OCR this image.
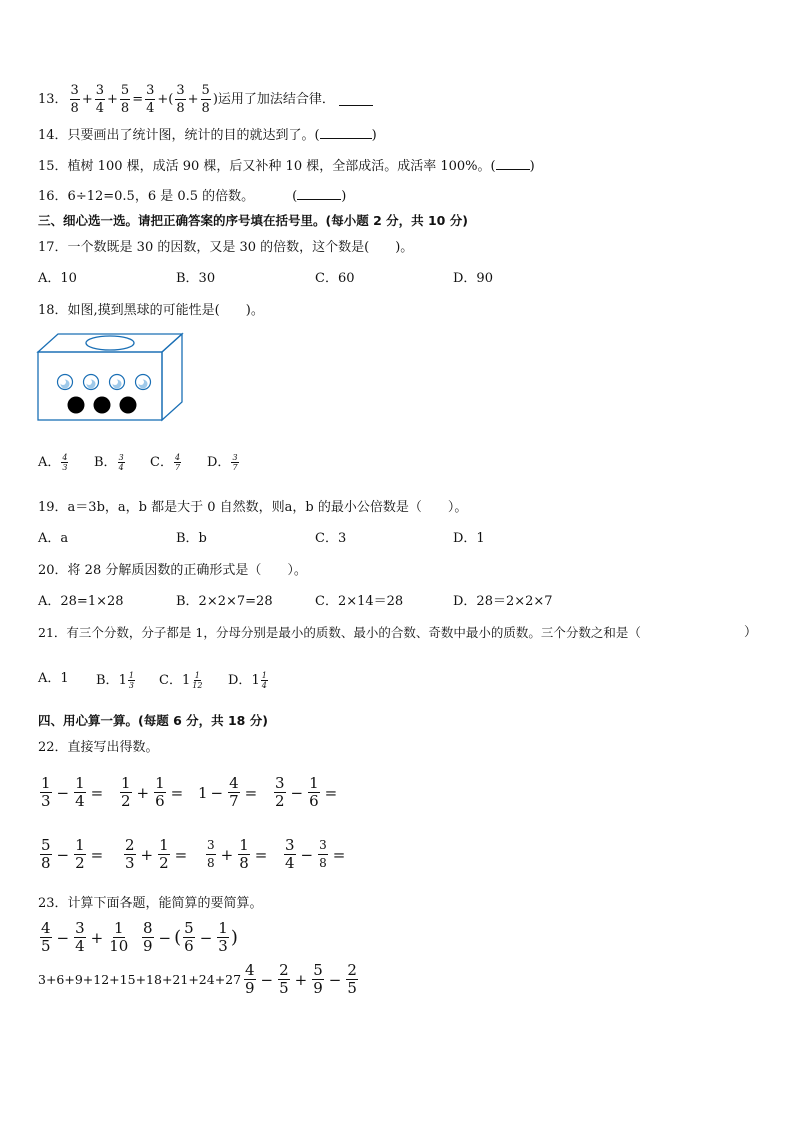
13． $\frac{3}{8} + \frac{3}{4} + \frac{5}{8} = \frac{3}{4}$ +( $\frac{3}{8} + \frac{5}{8}$ )运用了加法结合律．
14．只要画出了统计图，统计的目的就达到了。(	)
15．植树 100 棵，成活 90 棵，后又补种 10 棵，全部成活。成活率 100%。(	)
16．6÷12=0.5，6 是 0.5 的倍数。	(	)
三、细心选一选。请把正确答案的序号填在括号里。(每小题 2 分，共 10 分)
17．一个数既是 30 的因数，又是 30 的倍数，这个数是(　　)。
A．10	B．30	C．60	D．90
18．如图,摸到黑球的可能性是(　　)。
A． $\frac{4}{3}$ B． $\frac{3}{4}$ C． $\frac{4}{7}$ D． $\frac{3}{7}$
19．a＝3b，a，b 都是大于 0 自然数，则a，b 的最小公倍数是（　　）。
A．a	B．b	C．3	D．1
20．将 28 分解质因数的正确形式是（　　）。
A．28=1×28	B．2×2×7=28	C．2×14＝28	D．28＝2×2×7
21．有三个分数，分子都是 1，分母分别是最小的质数、最小的合数、奇数中最小的质数。三个分数之和是（	）
A．1 B．$1 \frac{1}{3}$ C．$1 \frac{1}{12}$ D．$1 \frac{1}{4}$
四、用心算一算。(每题 6 分，共 18 分)
22．直接写出得数。
$\frac{1}{3} - \frac{1}{4} = \frac{1}{2} + \frac{1}{6} = 1 - \frac{4}{7} = \frac{3}{2} - \frac{1}{6}$ =
$\frac{5}{8} - \frac{1}{2} = \frac{2}{3} + \frac{1}{2} = \frac{3}{8} + \frac{1}{8} = \frac{3}{4} - \frac{3}{8}$ =
23．计算下面各题，能简算的要简算。
$\frac{4}{5} - \frac{3}{4} + \frac{1}{10} \frac{8}{9}$ − ( $\frac{5}{6} - \frac{1}{3}$ )
$3+6+9+12+15+18+21+24+27 \frac{4}{9} - \frac{2}{5} + \frac{5}{9} - \frac{2}{5}$
